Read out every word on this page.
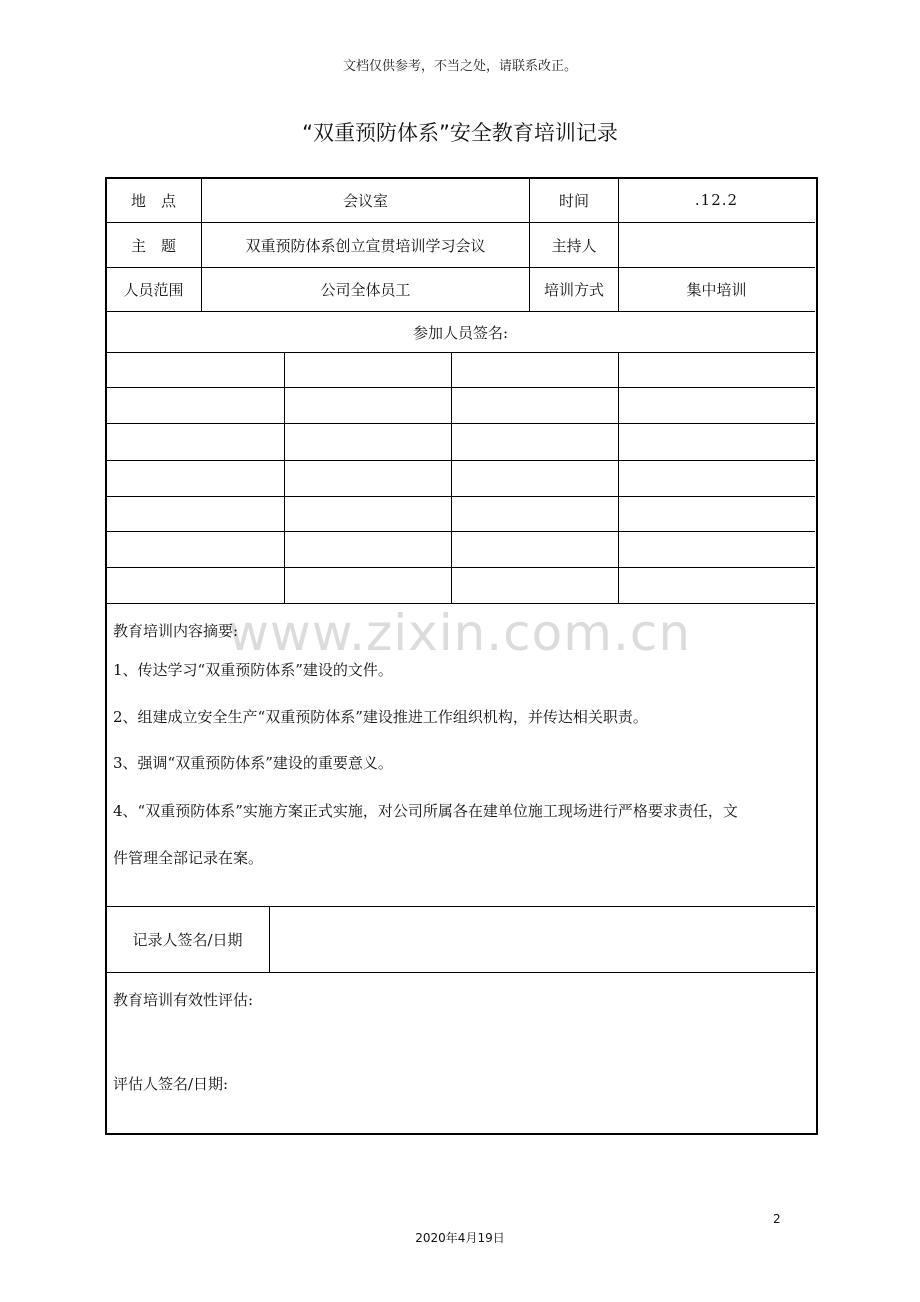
文档仅供参考，不当之处，请联系改正。
“双重预防体系”安全教育培训记录
www.zixin.com.cn
地　点	会议室	时间	.12.2
主　题	双重预防体系创立宣贯培训学习会议	主持人
人员范围	公司全体员工	培训方式	集中培训
参加人员签名:
教育培训内容摘要:
1、传达学习“双重预防体系”建设的文件。
2、组建成立安全生产“双重预防体系”建设推进工作组织机构，并传达相关职责。
3、强调“双重预防体系”建设的重要意义。
4、“双重预防体系”实施方案正式实施，对公司所属各在建单位施工现场进行严格要求责任，文
件管理全部记录在案。
记录人签名/日期
教育培训有效性评估:
评估人签名/日期:
2
2020年4月19日
